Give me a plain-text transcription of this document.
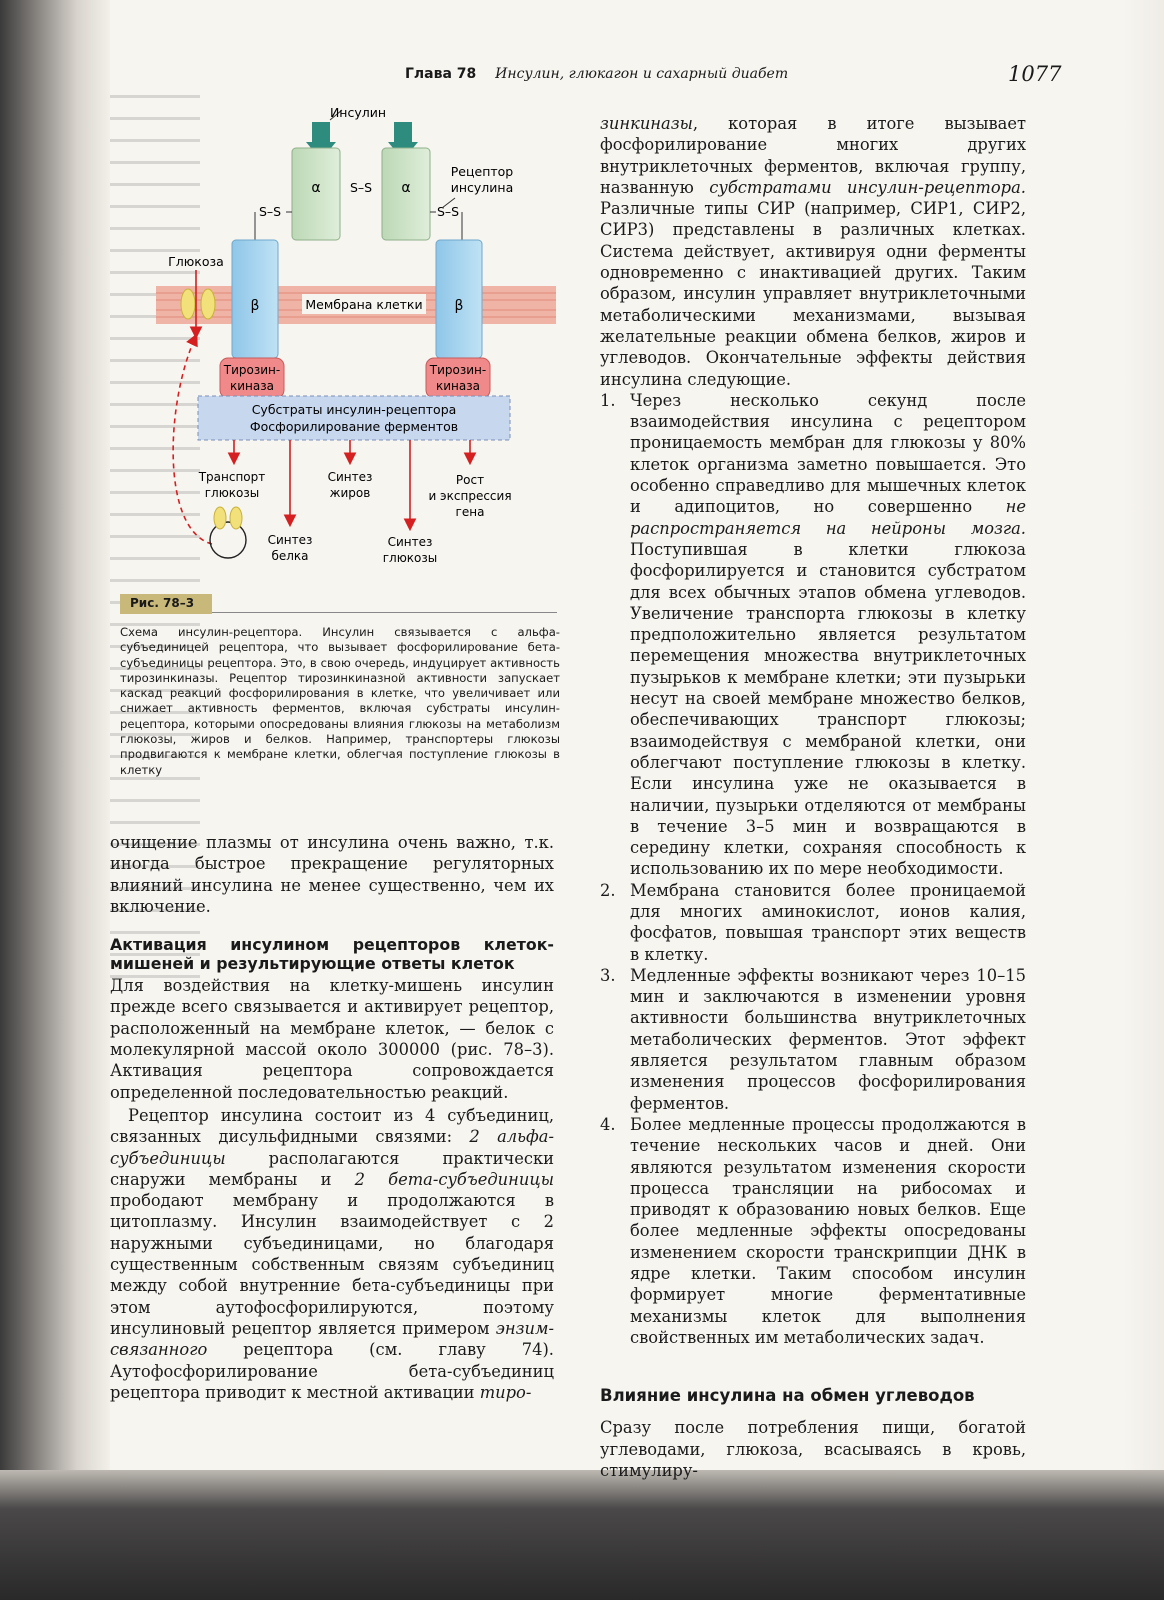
Глава 78 Инсулин, глюкагон и сахарный диабет	1077
Мембрана клетки
Инсулин
α	α
S–S
S–S	S–S
Рецептор
инсулина
β	β
Тирозин-
киназа
Тирозин-
киназа
Субстраты инсулин-рецептора
Фосфорилирование ферментов
Глюкоза
Транспорт
глюкозы
Синтез
жиров
Рост
и экспрессия
гена
Синтез
белка
Синтез
глюкозы
Рис. 78–3
Схема инсулин-рецептора. Инсулин связывается с альфа-субъединицей рецептора, что вызывает фосфорилирование бета-субъединицы рецептора. Это, в свою очередь, индуцирует активность тирозинкиназы. Рецептор тирозинкиназной активности запускает каскад реакций фосфорилирования в клетке, что увеличивает или снижает активность ферментов, включая субстраты инсулин-рецептора, которыми опосредованы влияния глюкозы на метаболизм глюкозы, жиров и белков. Например, транспортеры глюкозы продвигаются к мембране клетки, облегчая поступление глюкозы в клетку

очищение плазмы от инсулина очень важно, т.к. иногда быстрое прекращение регуляторных влияний инсулина не менее существенно, чем их включение.

Активация инсулином рецепторов клеток-мишеней и результирующие ответы клеток

Для воздействия на клетку-мишень инсулин прежде всего связывается и активирует рецептор, расположенный на мембране клеток, — белок с молекулярной массой около 300000 (рис. 78–3). Активация рецептора сопровождается определенной последовательностью реакций.

Рецептор инсулина состоит из 4 субъединиц, связанных дисульфидными связями: 2 альфа-субъединицы располагаются практически снаружи мембраны и 2 бета-субъединицы прободают мембрану и продолжаются в цитоплазму. Инсулин взаимодействует с 2 наружными субъединицами, но благодаря существенным собственным связям субъединиц между собой внутренние бета-субъединицы при этом аутофосфорилируются, поэтому инсулиновый рецептор является примером энзим-связанного рецептора (см. главу 74). Аутофосфорилирование бета-субъединиц рецептора приводит к местной активации тиро-

зинкиназы, которая в итоге вызывает фосфорилирование многих других внутриклеточных ферментов, включая группу, названную субстратами инсулин-рецептора. Различные типы СИР (например, СИР1, СИР2, СИР3) представлены в различных клетках. Система действует, активируя одни ферменты одновременно с инактивацией других. Таким образом, инсулин управляет внутриклеточными метаболическими механизмами, вызывая желательные реакции обмена белков, жиров и углеводов. Окончательные эффекты действия инсулина следующие.

1. Через несколько секунд после взаимодействия инсулина с рецептором проницаемость мембран для глюкозы у 80% клеток организма заметно повышается. Это особенно справедливо для мышечных клеток и адипоцитов, но совершенно не распространяется на нейроны мозга. Поступившая в клетки глюкоза фосфорилируется и становится субстратом для всех обычных этапов обмена углеводов. Увеличение транспорта глюкозы в клетку предположительно является результатом перемещения множества внутриклеточных пузырьков к мембране клетки; эти пузырьки несут на своей мембране множество белков, обеспечивающих транспорт глюкозы; взаимодействуя с мембраной клетки, они облегчают поступление глюкозы в клетку. Если инсулина уже не оказывается в наличии, пузырьки отделяются от мембраны в течение 3–5 мин и возвращаются в середину клетки, сохраняя способность к использованию их по мере необходимости.
2. Мембрана становится более проницаемой для многих аминокислот, ионов калия, фосфатов, повышая транспорт этих веществ в клетку.
3. Медленные эффекты возникают через 10–15 мин и заключаются в изменении уровня активности большинства внутриклеточных метаболических ферментов. Этот эффект является результатом главным образом изменения процессов фосфорилирования ферментов.
4. Более медленные процессы продолжаются в течение нескольких часов и дней. Они являются результатом изменения скорости процесса трансляции на рибосомах и приводят к образованию новых белков. Еще более медленные эффекты опосредованы изменением скорости транскрипции ДНК в ядре клетки. Таким способом инсулин формирует многие ферментативные механизмы клеток для выполнения свойственных им метаболических задач.
Влияние инсулина на обмен углеводов

Сразу после потребления пищи, богатой углеводами, глюкоза, всасываясь в кровь, стимулиру-
